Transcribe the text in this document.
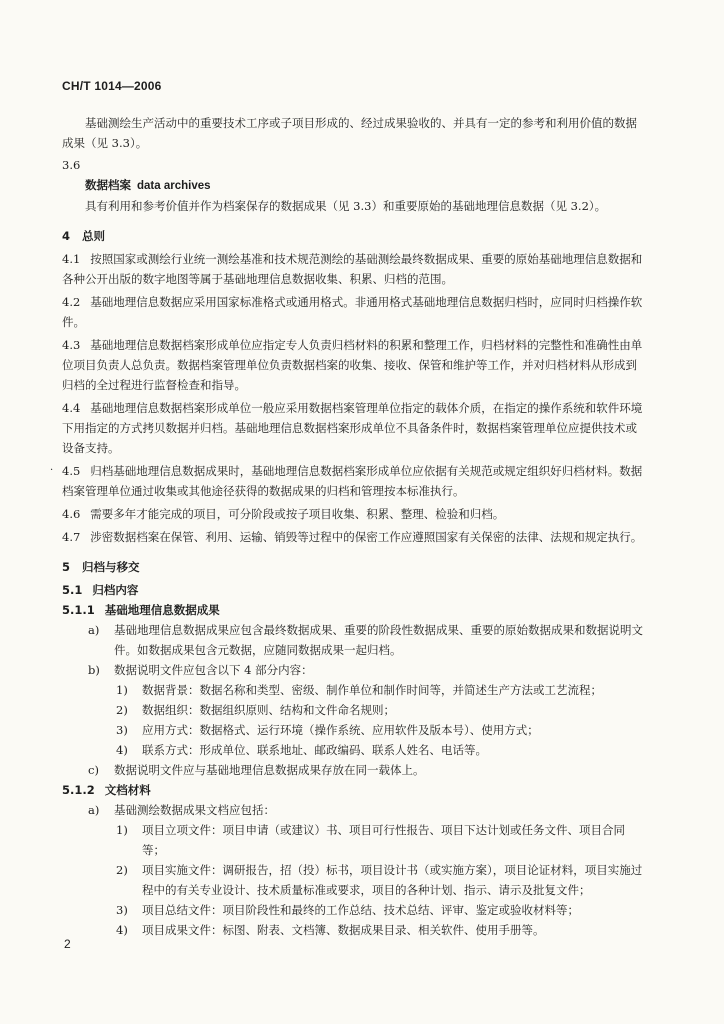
CH/T 1014—2006

基础测绘生产活动中的重要技术工序或子项目形成的、经过成果验收的、并具有一定的参考和利用价值的数据成果（见 3.3）。

3.6

数据档案 data archives

具有利用和参考价值并作为档案保存的数据成果（见 3.3）和重要原始的基础地理信息数据（见 3.2）。

4 总则

4.1 按照国家或测绘行业统一测绘基准和技术规范测绘的基础测绘最终数据成果、重要的原始基础地理信息数据和各种公开出版的数字地图等属于基础地理信息数据收集、积累、归档的范围。

4.2 基础地理信息数据应采用国家标准格式或通用格式。非通用格式基础地理信息数据归档时，应同时归档操作软件。

4.3 基础地理信息数据档案形成单位应指定专人负责归档材料的积累和整理工作，归档材料的完整性和准确性由单位项目负责人总负责。数据档案管理单位负责数据档案的收集、接收、保管和维护等工作，并对归档材料从形成到归档的全过程进行监督检查和指导。

4.4 基础地理信息数据档案形成单位一般应采用数据档案管理单位指定的载体介质，在指定的操作系统和软件环境下用指定的方式拷贝数据并归档。基础地理信息数据档案形成单位不具备条件时，数据档案管理单位应提供技术或设备支持。

· 4.5 归档基础地理信息数据成果时，基础地理信息数据档案形成单位应依据有关规范或规定组织好归档材料。数据档案管理单位通过收集或其他途径获得的数据成果的归档和管理按本标准执行。

4.6 需要多年才能完成的项目，可分阶段或按子项目收集、积累、整理、检验和归档。

4.7 涉密数据档案在保管、利用、运输、销毁等过程中的保密工作应遵照国家有关保密的法律、法规和规定执行。

5 归档与移交

5.1 归档内容

5.1.1 基础地理信息数据成果

a) 基础地理信息数据成果应包含最终数据成果、重要的阶段性数据成果、重要的原始数据成果和数据说明文件。如数据成果包含元数据，应随同数据成果一起归档。

b) 数据说明文件应包含以下 4 部分内容：

1) 数据背景：数据名称和类型、密级、制作单位和制作时间等，并简述生产方法或工艺流程；

2) 数据组织：数据组织原则、结构和文件命名规则；

3) 应用方式：数据格式、运行环境（操作系统、应用软件及版本号）、使用方式；

4) 联系方式：形成单位、联系地址、邮政编码、联系人姓名、电话等。

c) 数据说明文件应与基础地理信息数据成果存放在同一载体上。

5.1.2 文档材料

a) 基础测绘数据成果文档应包括：

1) 项目立项文件：项目申请（或建议）书、项目可行性报告、项目下达计划或任务文件、项目合同等；

2) 项目实施文件：调研报告，招（投）标书，项目设计书（或实施方案），项目论证材料，项目实施过程中的有关专业设计、技术质量标准或要求，项目的各种计划、指示、请示及批复文件；

3) 项目总结文件：项目阶段性和最终的工作总结、技术总结、评审、鉴定或验收材料等；

4) 项目成果文件：标图、附表、文档簿、数据成果目录、相关软件、使用手册等。

2
